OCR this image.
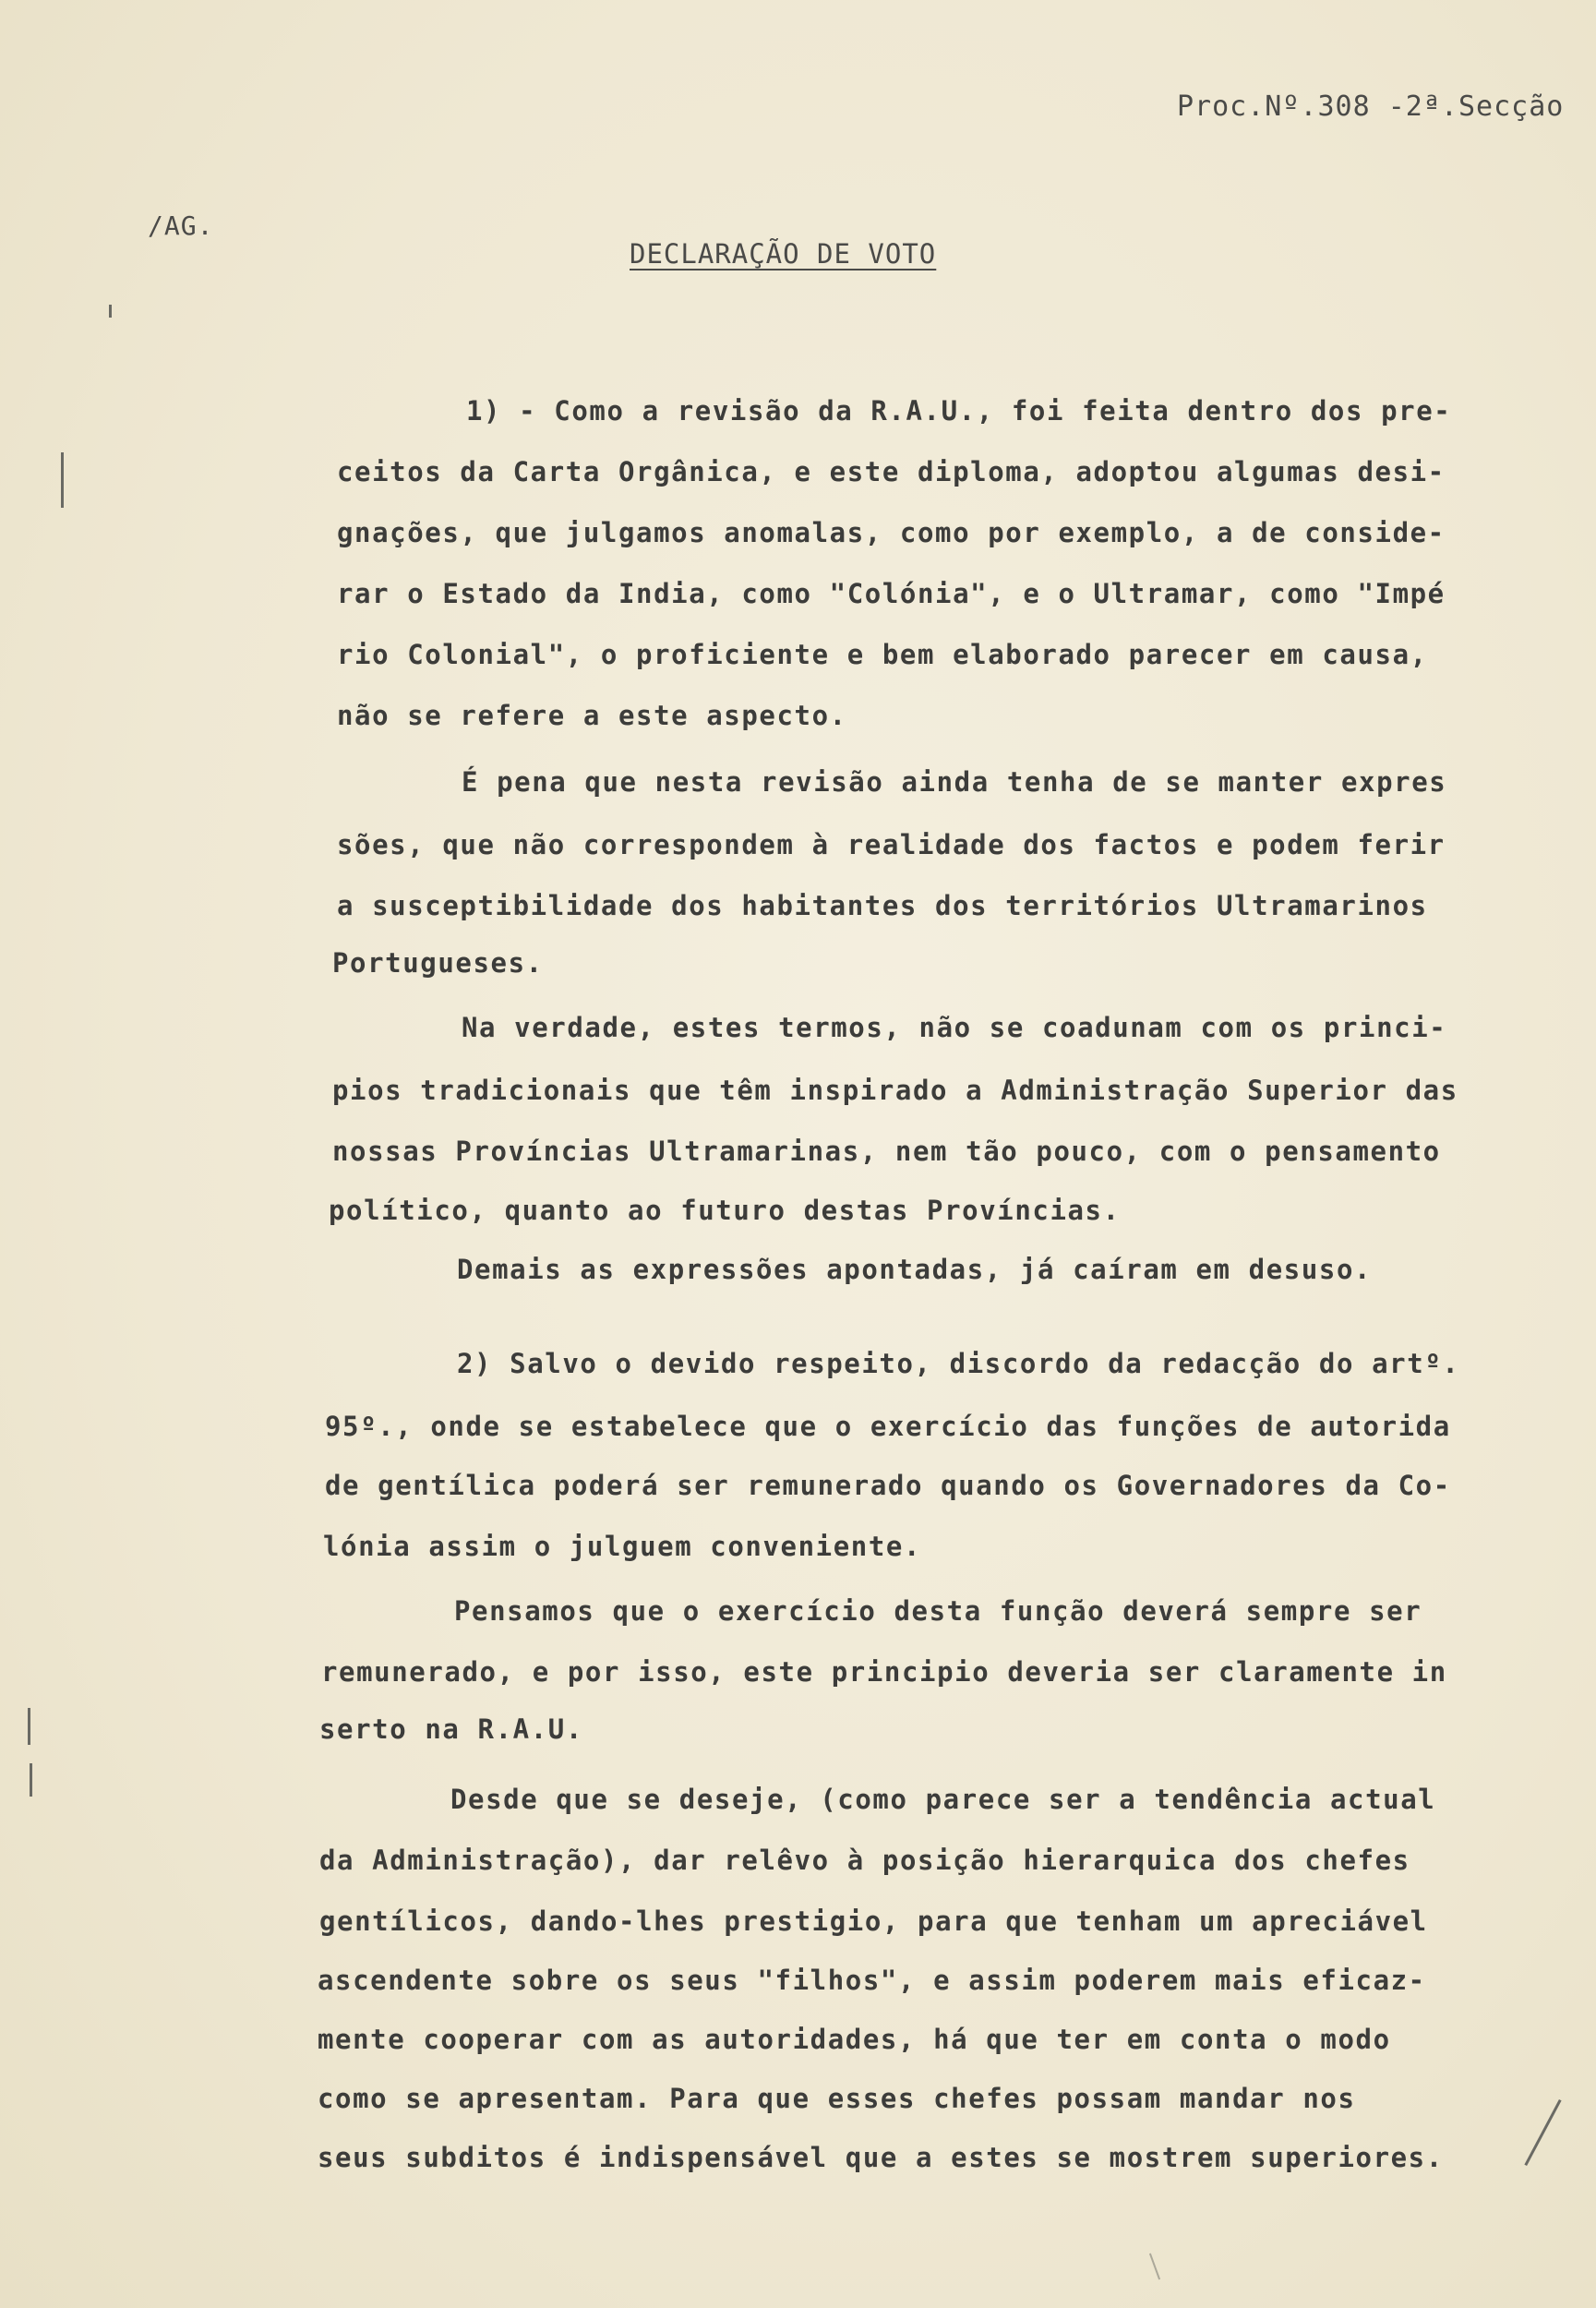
Proc.Nº.308 -2ª.Secção
/AG.
DECLARAÇÃO DE VOTO
1) - Como a revisão da R.A.U., foi feita dentro dos pre-
ceitos da Carta Orgânica, e este diploma, adoptou algumas desi-
gnações, que julgamos anomalas, como por exemplo, a de conside-
rar o Estado da India, como "Colónia", e o Ultramar, como "Impé
rio Colonial", o proficiente e bem elaborado parecer em causa,
não se refere a este aspecto.
É pena que nesta revisão ainda tenha de se manter expres
sões, que não correspondem à realidade dos factos e podem ferir
a susceptibilidade dos habitantes dos territórios Ultramarinos
Portugueses.
Na verdade, estes termos, não se coadunam com os princi-
pios tradicionais que têm inspirado a Administração Superior das
nossas Províncias Ultramarinas, nem tão pouco, com o pensamento
político, quanto ao futuro destas Províncias.
Demais as expressões apontadas, já caíram em desuso.
2) Salvo o devido respeito, discordo da redacção do artº.
95º., onde se estabelece que o exercício das funções de autorida
de gentílica poderá ser remunerado quando os Governadores da Co-
lónia assim o julguem conveniente.
Pensamos que o exercício desta função deverá sempre ser
remunerado, e por isso, este principio deveria ser claramente in
serto na R.A.U.
Desde que se deseje, (como parece ser a tendência actual
da Administração), dar relêvo à posição hierarquica dos chefes
gentílicos, dando-lhes prestigio, para que tenham um apreciável
ascendente sobre os seus "filhos", e assim poderem mais eficaz-
mente cooperar com as autoridades, há que ter em conta o modo
como se apresentam. Para que esses chefes possam mandar nos
seus subditos é indispensável que a estes se mostrem superiores.
